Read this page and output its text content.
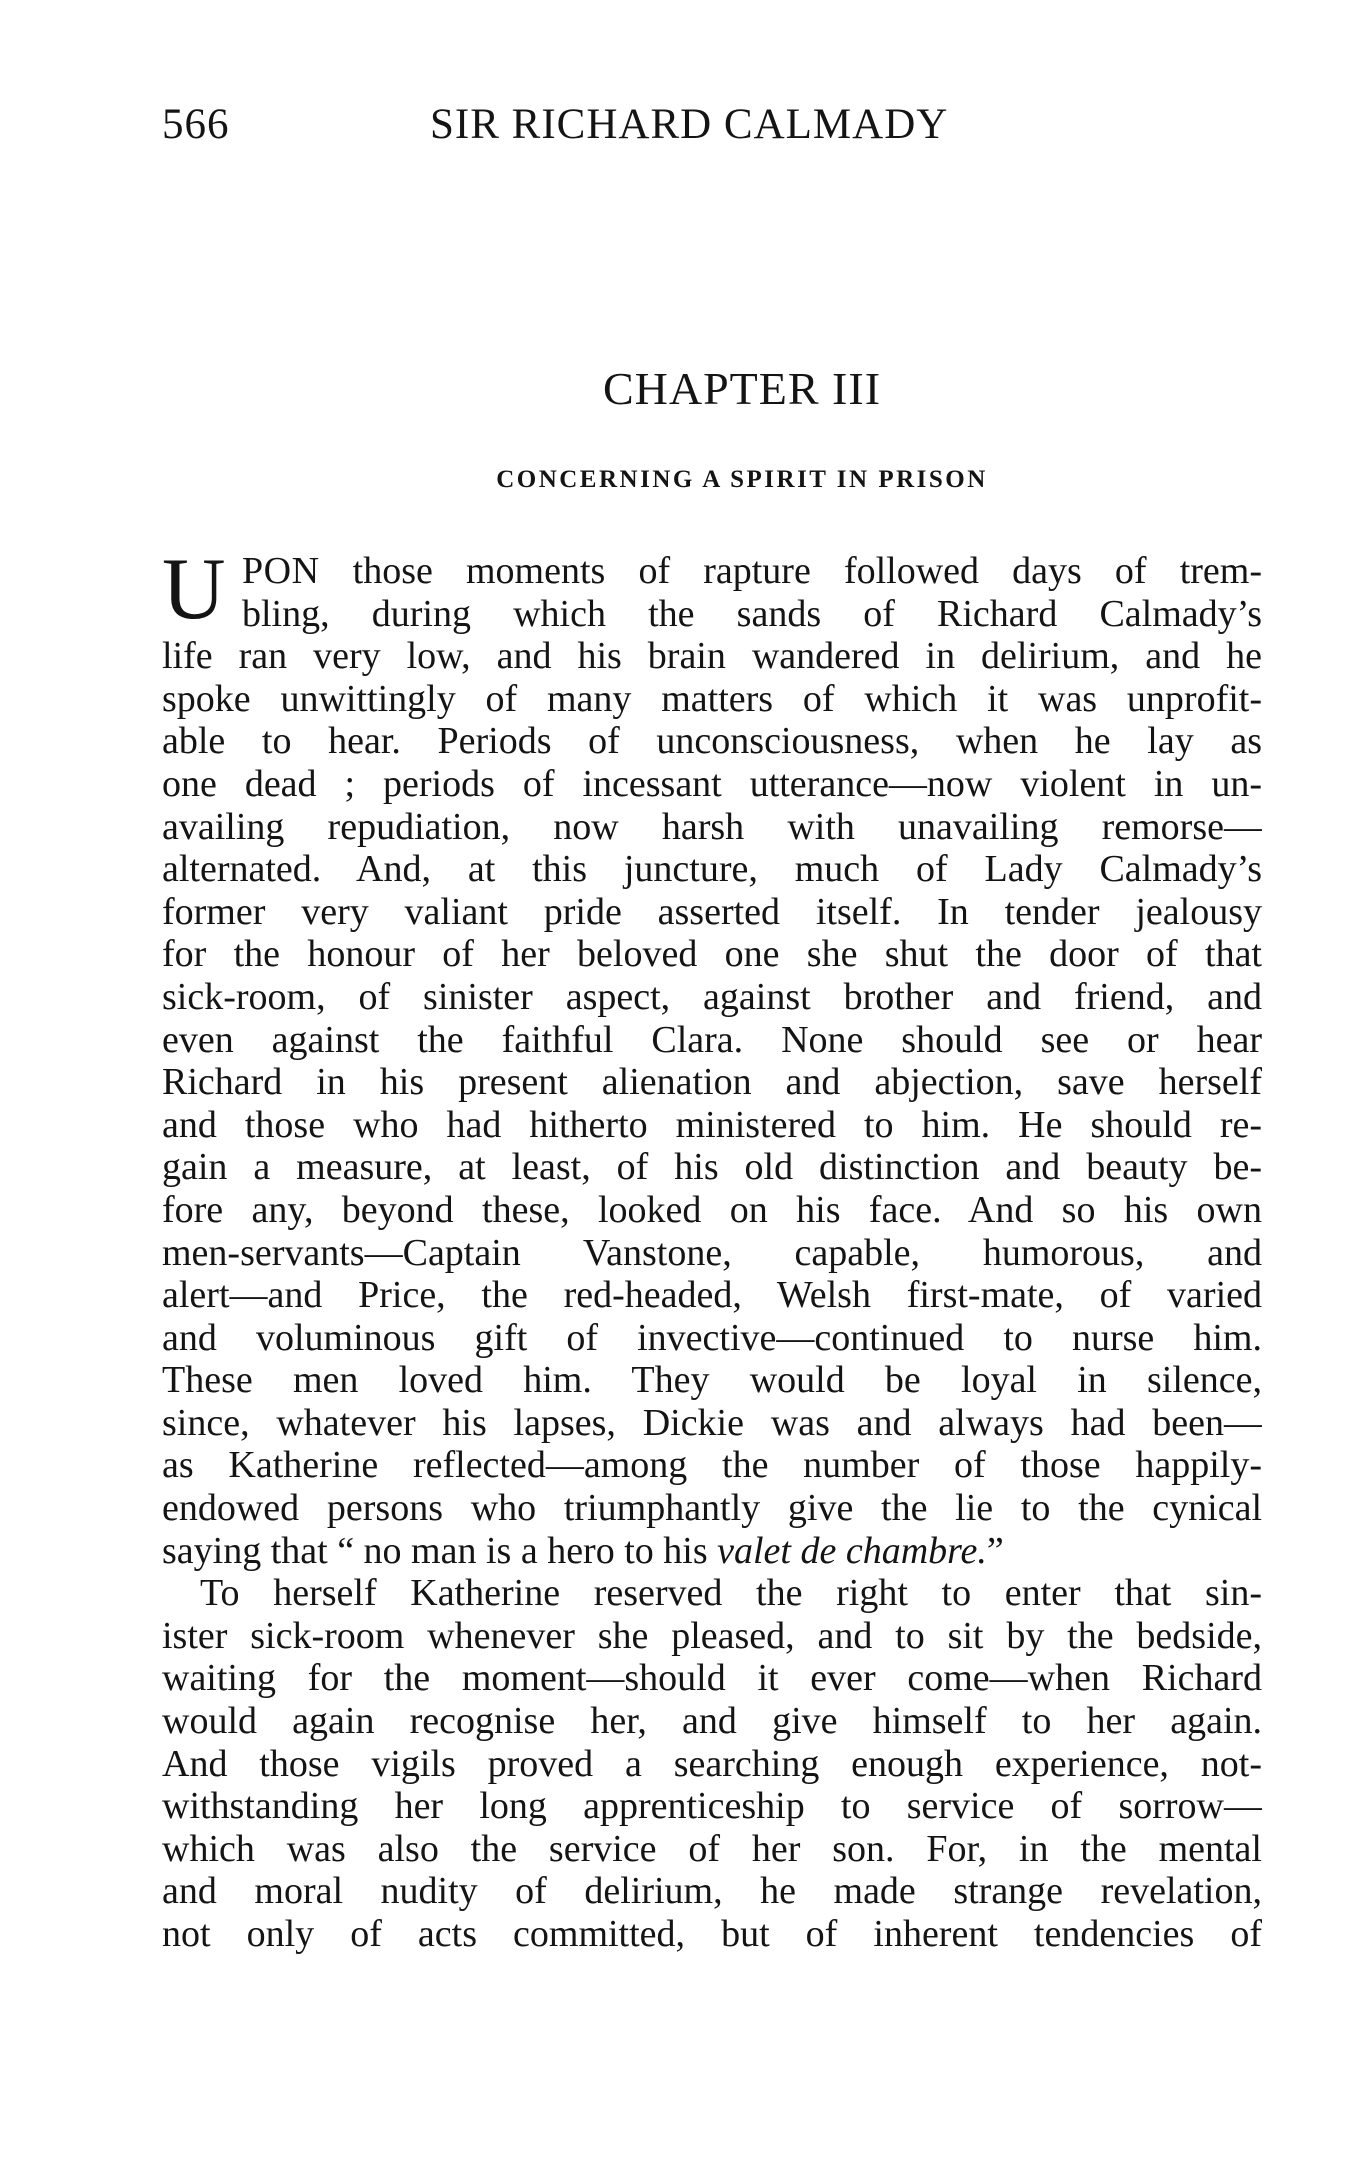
566	SIR RICHARD CALMADY
CHAPTER III
CONCERNING A SPIRIT IN PRISON
U PON those moments of rapture followed days of trem-
bling, during which the sands of Richard Calmady’s
life ran very low, and his brain wandered in delirium, and he
spoke unwittingly of many matters of which it was unprofit-
able to hear. Periods of unconsciousness, when he lay as
one dead ; periods of incessant utterance—now violent in un-
availing repudiation, now harsh with unavailing remorse—
alternated. And, at this juncture, much of Lady Calmady’s
former very valiant pride asserted itself. In tender jealousy
for the honour of her beloved one she shut the door of that
sick-room, of sinister aspect, against brother and friend, and
even against the faithful Clara. None should see or hear
Richard in his present alienation and abjection, save herself
and those who had hitherto ministered to him. He should re-
gain a measure, at least, of his old distinction and beauty be-
fore any, beyond these, looked on his face. And so his own
men-servants—Captain Vanstone, capable, humorous, and
alert—and Price, the red-headed, Welsh first-mate, of varied
and voluminous gift of invective—continued to nurse him.
These men loved him. They would be loyal in silence,
since, whatever his lapses, Dickie was and always had been—
as Katherine reflected—among the number of those happily-
endowed persons who triumphantly give the lie to the cynical
saying that “ no man is a hero to his valet de chambre.”
To herself Katherine reserved the right to enter that sin-
ister sick-room whenever she pleased, and to sit by the bedside,
waiting for the moment—should it ever come—when Richard
would again recognise her, and give himself to her again.
And those vigils proved a searching enough experience, not-
withstanding her long apprenticeship to service of sorrow—
which was also the service of her son. For, in the mental
and moral nudity of delirium, he made strange revelation,
not only of acts committed, but of inherent tendencies of
